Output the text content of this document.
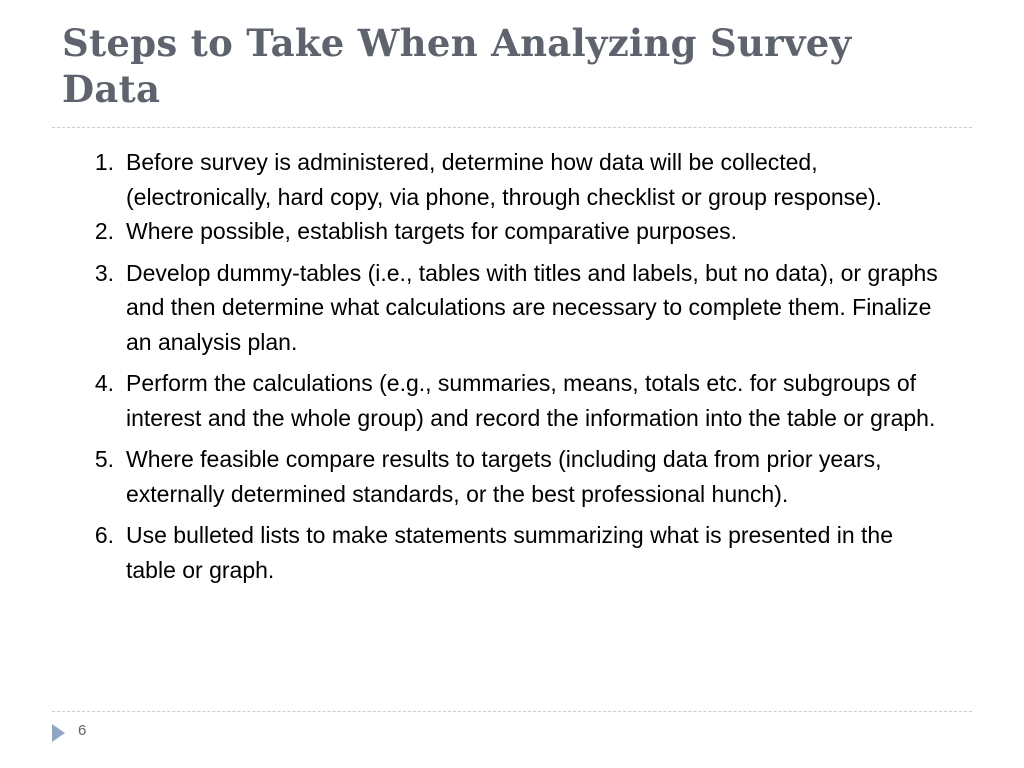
Steps to Take When Analyzing Survey Data
1. Before survey is administered, determine how data will be collected, (electronically, hard copy, via phone, through checklist or group response).
2. Where possible, establish targets for comparative purposes.
3. Develop dummy-tables (i.e., tables with titles and labels, but no data), or graphs and then determine what calculations are necessary to complete them. Finalize an analysis plan.
4. Perform the calculations (e.g., summaries, means, totals etc. for subgroups of interest and the whole group) and record the information into the table or graph.
5. Where feasible compare results to targets (including data from prior years, externally determined standards, or the best professional hunch).
6. Use bulleted lists to make statements summarizing what is presented in the table or graph.
6
